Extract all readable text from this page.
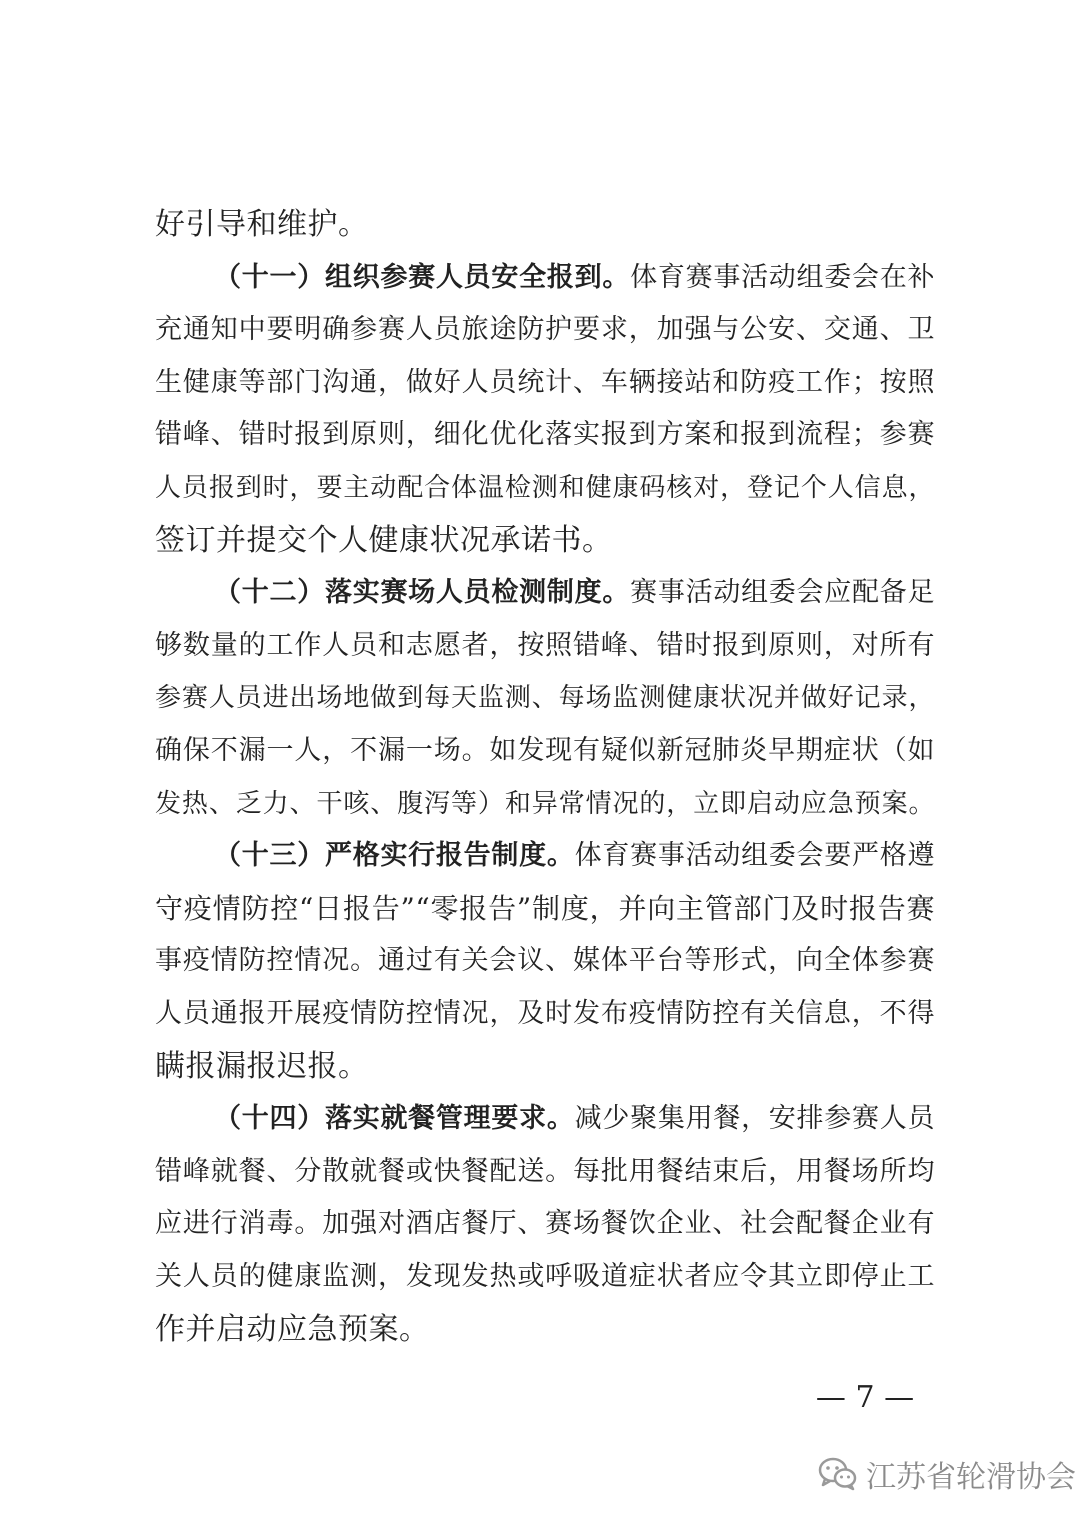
好引导和维护。
（十一）组织参赛人员安全报到。体育赛事活动组委会在补
充通知中要明确参赛人员旅途防护要求，加强与公安、交通、卫
生健康等部门沟通，做好人员统计、车辆接站和防疫工作；按照
错峰、错时报到原则，细化优化落实报到方案和报到流程；参赛
人员报到时，要主动配合体温检测和健康码核对，登记个人信息，
签订并提交个人健康状况承诺书。
（十二）落实赛场人员检测制度。赛事活动组委会应配备足
够数量的工作人员和志愿者，按照错峰、错时报到原则，对所有
参赛人员进出场地做到每天监测、每场监测健康状况并做好记录，
确保不漏一人，不漏一场。如发现有疑似新冠肺炎早期症状（如
发热、乏力、干咳、腹泻等）和异常情况的，立即启动应急预案。
（十三）严格实行报告制度。体育赛事活动组委会要严格遵
守疫情防控“日报告”“零报告”制度，并向主管部门及时报告赛
事疫情防控情况。通过有关会议、媒体平台等形式，向全体参赛
人员通报开展疫情防控情况，及时发布疫情防控有关信息，不得
瞒报漏报迟报。
（十四）落实就餐管理要求。减少聚集用餐，安排参赛人员
错峰就餐、分散就餐或快餐配送。每批用餐结束后，用餐场所均
应进行消毒。加强对酒店餐厅、赛场餐饮企业、社会配餐企业有
关人员的健康监测，发现发热或呼吸道症状者应令其立即停止工
作并启动应急预案。
— 7 —
江苏省轮滑协会
